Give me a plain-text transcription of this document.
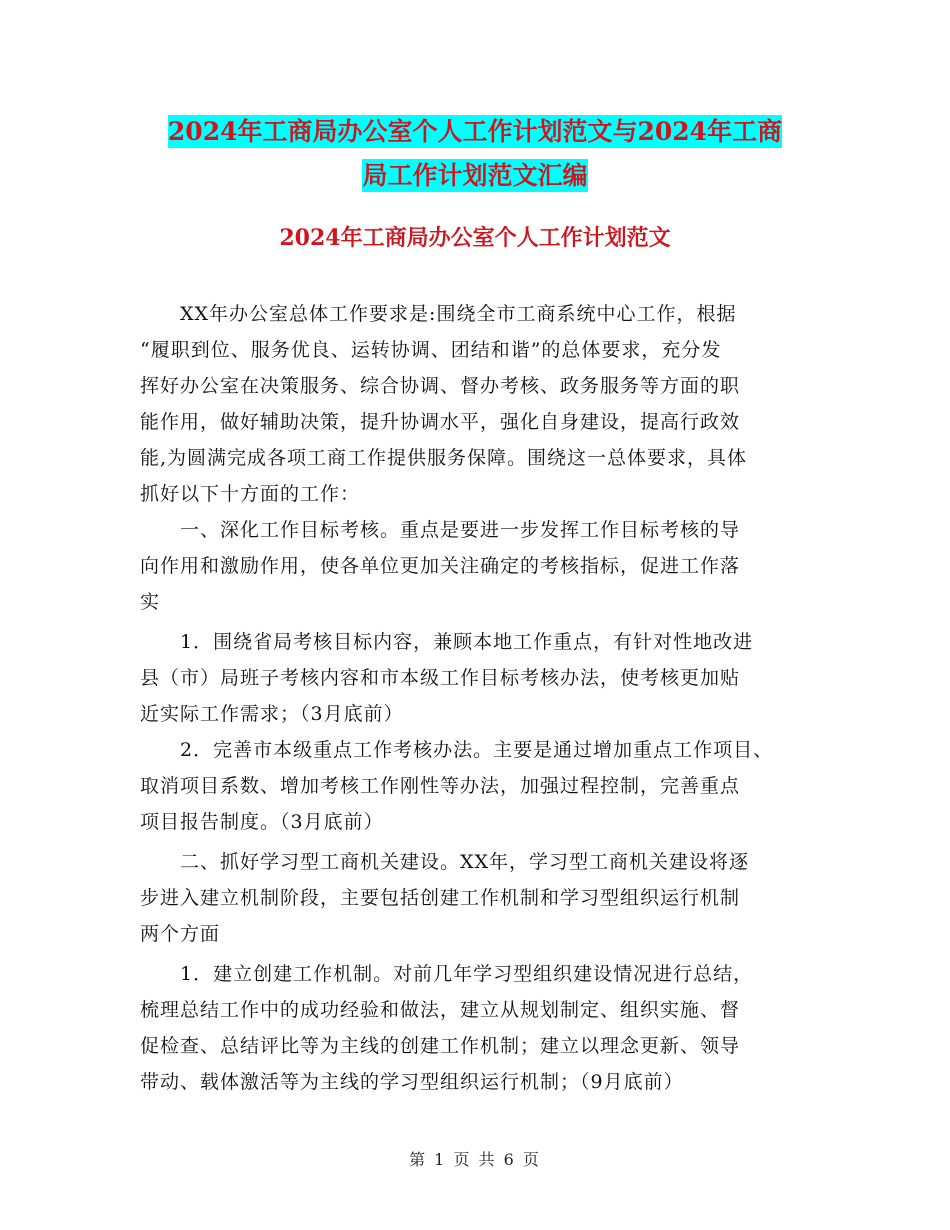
2024年工商局办公室个人工作计划范文与2024年工商
局工作计划范文汇编
2024年工商局办公室个人工作计划范文

　　XX年办公室总体工作要求是:围绕全市工商系统中心工作，根据

“履职到位、服务优良、运转协调、团结和谐”的总体要求，充分发

挥好办公室在决策服务、综合协调、督办考核、政务服务等方面的职

能作用，做好辅助决策，提升协调水平，强化自身建设，提高行政效

能,为圆满完成各项工商工作提供服务保障。围绕这一总体要求，具体

抓好以下十方面的工作：

　　一、深化工作目标考核。重点是要进一步发挥工作目标考核的导

向作用和激励作用，使各单位更加关注确定的考核指标，促进工作落

实

　　1．围绕省局考核目标内容，兼顾本地工作重点，有针对性地改进

县（市）局班子考核内容和市本级工作目标考核办法，使考核更加贴

近实际工作需求；（3月底前）

　　2．完善市本级重点工作考核办法。主要是通过增加重点工作项目、

取消项目系数、增加考核工作刚性等办法，加强过程控制，完善重点

项目报告制度。（3月底前）

　　二、抓好学习型工商机关建设。XX年，学习型工商机关建设将逐

步进入建立机制阶段，主要包括创建工作机制和学习型组织运行机制

两个方面

　　1．建立创建工作机制。对前几年学习型组织建设情况进行总结，

梳理总结工作中的成功经验和做法，建立从规划制定、组织实施、督

促检查、总结评比等为主线的创建工作机制；建立以理念更新、领导

带动、载体激活等为主线的学习型组织运行机制；（9月底前）

第 1 页 共 6 页
